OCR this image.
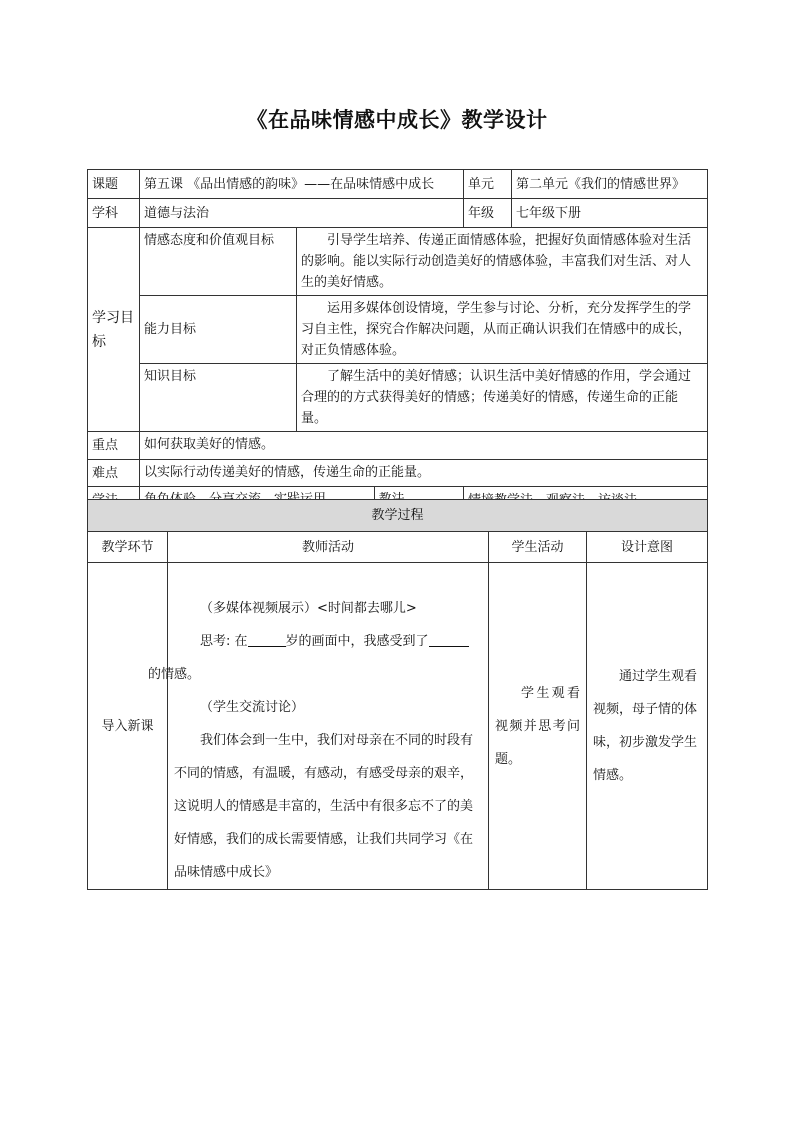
《在品味情感中成长》教学设计
课题	第五课 《品出情感的韵味》——在品味情感中成长	单元	第二单元《我们的情感世界》
学科	道德与法治	年级	七年级下册
学习目标	情感态度和价值观目标	引导学生培养、传递正面情感体验，把握好负面情感体验对生活的影响。能以实际行动创造美好的情感体验，丰富我们对生活、对人生的美好情感。
能力目标	运用多媒体创设情境，学生参与讨论、分析，充分发挥学生的学习自主性，探究合作解决问题，从而正确认识我们在情感中的成长，对正负情感体验。
知识目标	了解生活中的美好情感；认识生活中美好情感的作用，学会通过合理的的方式获得美好的情感；传递美好的情感，传递生命的正能量。
重点	如何获取美好的情感。
难点	以实际行动传递美好的情感，传递生命的正能量。

教学过程			
教学环节	教师活动	学生活动	设计意图
导入新课	（多媒体视频展示）<时间都去哪儿>

思考: 在 岁的画面中，我感受到了
的情感。

（学生交流讨论）

我们体会到一生中，我们对母亲在不同的时段有不同的情感，有温暖，有感动，有感受母亲的艰辛，这说明人的情感是丰富的，生活中有很多忘不了的美好情感，我们的成长需要情感，让我们共同学习《在品味情感中成长》	学生观看视频并思考问题。	通过学生观看视频，母子情的体味，初步激发学生情感。
